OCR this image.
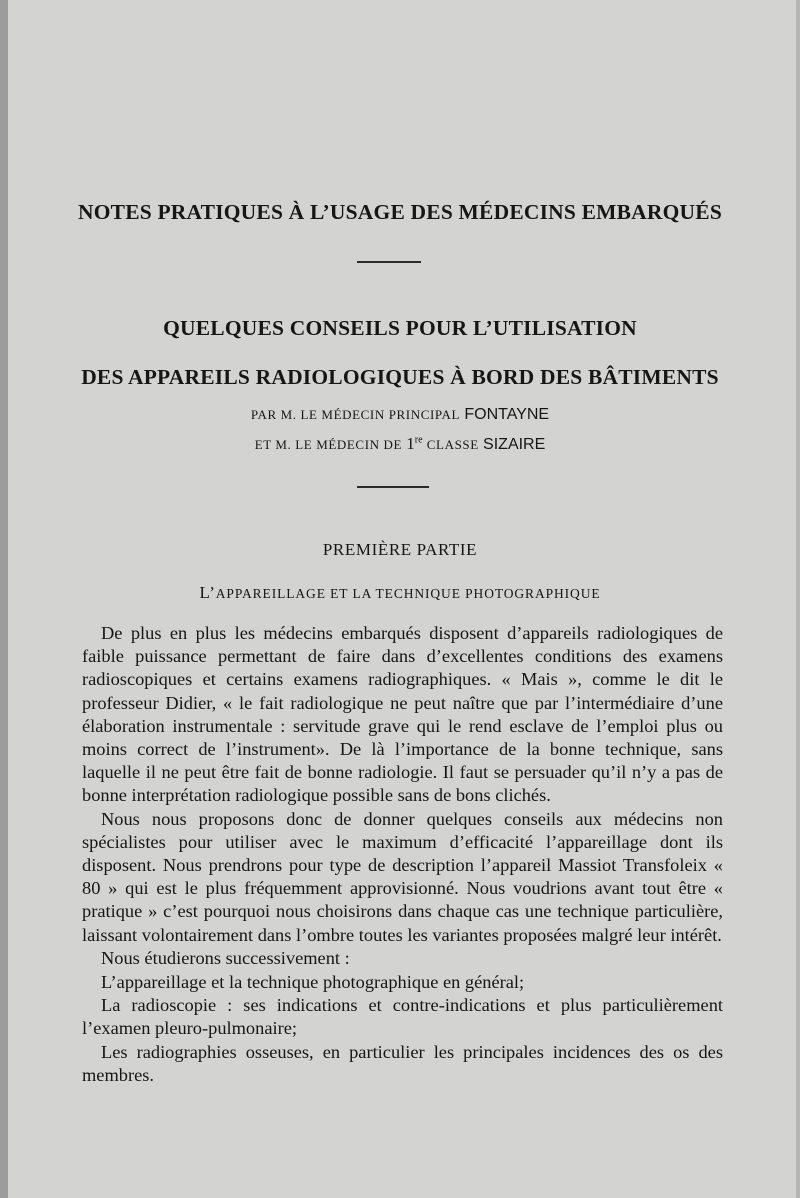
NOTES PRATIQUES À L’USAGE DES MÉDECINS EMBARQUÉS
QUELQUES CONSEILS POUR L’UTILISATION
DES APPAREILS RADIOLOGIQUES À BORD DES BÂTIMENTS
PAR M. LE MÉDECIN PRINCIPAL FONTAYNE
ET M. LE MÉDECIN DE 1re CLASSE SIZAIRE
PREMIÈRE PARTIE
L’APPAREILLAGE ET LA TECHNIQUE PHOTOGRAPHIQUE

De plus en plus les médecins embarqués disposent d’appareils radiologiques de faible puissance permettant de faire dans d’excellentes conditions des examens radioscopiques et certains examens radiographiques. « Mais », comme le dit le professeur Didier, « le fait radiologique ne peut naître que par l’intermédiaire d’une élaboration instrumentale : servitude grave qui le rend esclave de l’emploi plus ou moins correct de l’instrument». De là l’importance de la bonne technique, sans laquelle il ne peut être fait de bonne radiologie. Il faut se persuader qu’il n’y a pas de bonne interprétation radiologique possible sans de bons clichés.

Nous nous proposons donc de donner quelques conseils aux médecins non spécialistes pour utiliser avec le maximum d’efficacité l’appareillage dont ils disposent. Nous prendrons pour type de description l’appareil Massiot Transfoleix « 80 » qui est le plus fréquemment approvisionné. Nous voudrions avant tout être « pratique » c’est pourquoi nous choisirons dans chaque cas une technique particulière, laissant volontairement dans l’ombre toutes les variantes proposées malgré leur intérêt.

Nous étudierons successivement :

L’appareillage et la technique photographique en général;

La radioscopie : ses indications et contre-indications et plus particulièrement l’examen pleuro-pulmonaire;

Les radiographies osseuses, en particulier les principales incidences des os des membres.
